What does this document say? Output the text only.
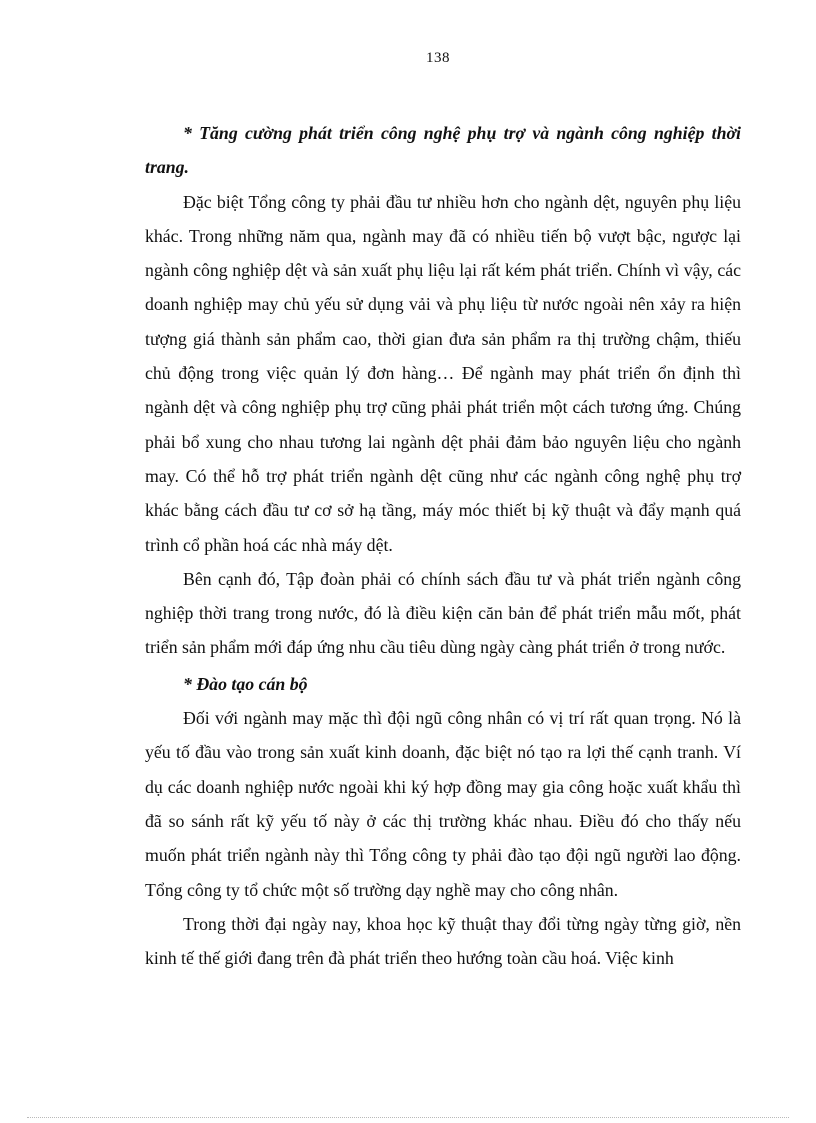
138

* Tăng cường phát triển công nghệ phụ trợ và ngành công nghiệp thời trang.

Đặc biệt Tổng công ty phải đầu tư nhiều hơn cho ngành dệt, nguyên phụ liệu khác. Trong những năm qua, ngành may đã có nhiều tiến bộ vượt bậc, ngược lại ngành công nghiệp dệt và sản xuất phụ liệu lại rất kém phát triển. Chính vì vậy, các doanh nghiệp may chủ yếu sử dụng vải và phụ liệu từ nước ngoài nên xảy ra hiện tượng giá thành sản phẩm cao, thời gian đưa sản phẩm ra thị trường chậm, thiếu chủ động trong việc quản lý đơn hàng… Để ngành may phát triển ổn định thì ngành dệt và công nghiệp phụ trợ cũng phải phát triển một cách tương ứng. Chúng phải bổ xung cho nhau tương lai ngành dệt phải đảm bảo nguyên liệu cho ngành may. Có thể hỗ trợ phát triển ngành dệt cũng như các ngành công nghệ phụ trợ khác bằng cách đầu tư cơ sở hạ tầng, máy móc thiết bị kỹ thuật và đẩy mạnh quá trình cổ phần hoá các nhà máy dệt.

Bên cạnh đó, Tập đoàn phải có chính sách đầu tư và phát triển ngành công nghiệp thời trang trong nước, đó là điều kiện căn bản để phát triển mẫu mốt, phát triển sản phẩm mới đáp ứng nhu cầu tiêu dùng ngày càng phát triển ở trong nước.

* Đào tạo cán bộ

Đối với ngành may mặc thì đội ngũ công nhân có vị trí rất quan trọng. Nó là yếu tố đầu vào trong sản xuất kinh doanh, đặc biệt nó tạo ra lợi thế cạnh tranh. Ví dụ các doanh nghiệp nước ngoài khi ký hợp đồng may gia công hoặc xuất khẩu thì đã so sánh rất kỹ yếu tố này ở các thị trường khác nhau. Điều đó cho thấy nếu muốn phát triển ngành này thì Tổng công ty phải đào tạo đội ngũ người lao động. Tổng công ty tổ chức một số trường dạy nghề may cho công nhân.

Trong thời đại ngày nay, khoa học kỹ thuật thay đổi từng ngày từng giờ, nền kinh tế thế giới đang trên đà phát triển theo hướng toàn cầu hoá. Việc kinh
